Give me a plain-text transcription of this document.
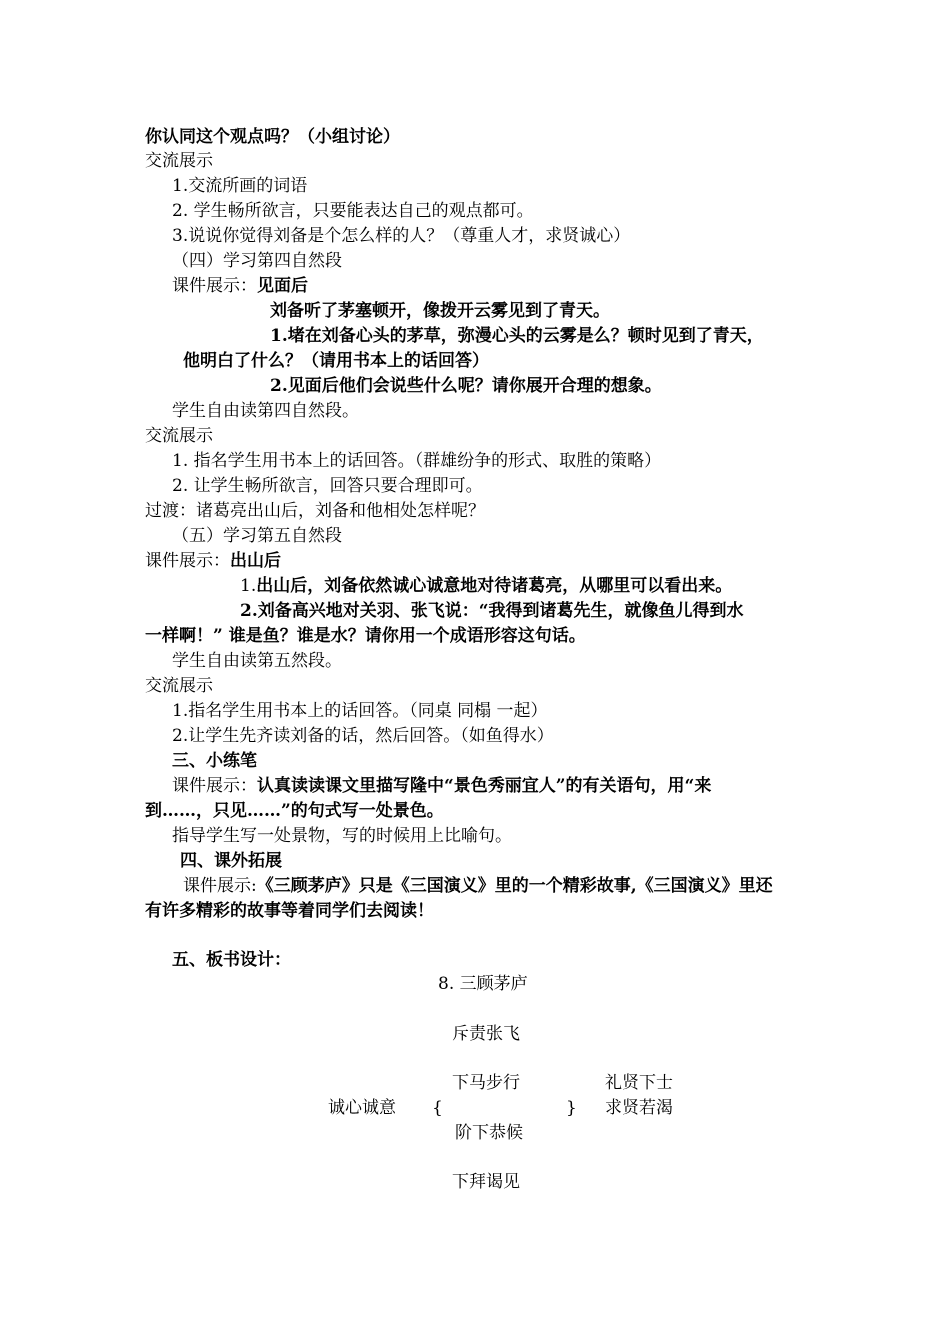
你认同这个观点吗？（小组讨论）
交流展示
1.交流所画的词语
2. 学生畅所欲言，只要能表达自己的观点都可。
3.说说你觉得刘备是个怎么样的人？（尊重人才，求贤诚心）
（四）学习第四自然段
课件展示：见面后
刘备听了茅塞顿开，像拨开云雾见到了青天。
1.堵在刘备心头的茅草，弥漫心头的云雾是么？顿时见到了青天，
他明白了什么？（请用书本上的话回答）
2.见面后他们会说些什么呢？请你展开合理的想象。
学生自由读第四自然段。
交流展示
1. 指名学生用书本上的话回答。（群雄纷争的形式、取胜的策略）
2. 让学生畅所欲言，回答只要合理即可。
过渡：诸葛亮出山后，刘备和他相处怎样呢？
（五）学习第五自然段
课件展示：出山后
1.出山后，刘备依然诚心诚意地对待诸葛亮，从哪里可以看出来。
2.刘备高兴地对关羽、张飞说：“我得到诸葛先生，就像鱼儿得到水
一样啊！” 谁是鱼？谁是水？请你用一个成语形容这句话。
学生自由读第五然段。
交流展示
1.指名学生用书本上的话回答。（同桌 同榻 一起）
2.让学生先齐读刘备的话，然后回答。（如鱼得水）
三、小练笔
课件展示：认真读读课文里描写隆中“景色秀丽宜人”的有关语句，用“来
到……，只见……”的句式写一处景色。
指导学生写一处景物，写的时候用上比喻句。
四、课外拓展
课件展示:《三顾茅庐》只是《三国演义》里的一个精彩故事,《三国演义》里还
有许多精彩的故事等着同学们去阅读！
五、板书设计：
8. 三顾茅庐
斥责张飞
下马步行	礼贤下士
诚心诚意 {	} 求贤若渴
阶下恭候
下拜谒见
